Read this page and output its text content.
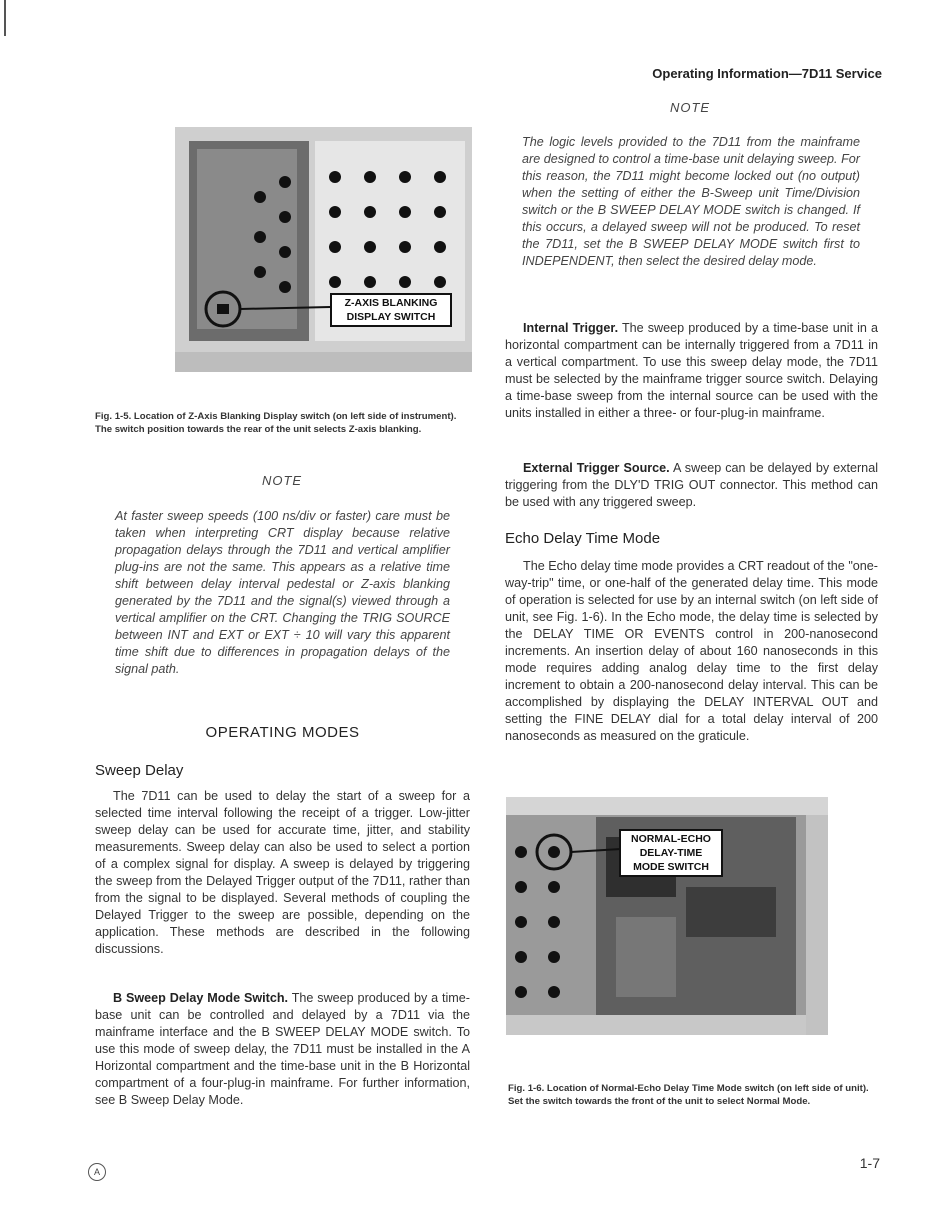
Operating Information—7D11 Service
NOTE
The logic levels provided to the 7D11 from the mainframe are designed to control a time-base unit delaying sweep. For this reason, the 7D11 might become locked out (no output) when the setting of either the B-Sweep unit Time/Division switch or the B SWEEP DELAY MODE switch is changed. If this occurs, a delayed sweep will not be produced. To reset the 7D11, set the B SWEEP DELAY MODE switch first to INDEPENDENT, then select the desired delay mode.
Z-AXIS BLANKING
DISPLAY SWITCH
Fig. 1-5. Location of Z-Axis Blanking Display switch (on left side of instrument). The switch position towards the rear of the unit selects Z-axis blanking.

Internal Trigger. The sweep produced by a time-base unit in a horizontal compartment can be internally triggered from a 7D11 in a vertical compartment. To use this sweep delay mode, the 7D11 must be selected by the mainframe trigger source switch. Delaying a time-base sweep from the internal source can be used with the units installed in either a three- or four-plug-in mainframe.

NOTE
At faster sweep speeds (100 ns/div or faster) care must be taken when interpreting CRT display because relative propagation delays through the 7D11 and vertical amplifier plug-ins are not the same. This appears as a relative time shift between delay interval pedestal or Z-axis blanking generated by the 7D11 and the signal(s) viewed through a vertical amplifier on the CRT. Changing the TRIG SOURCE between INT and EXT or EXT ÷ 10 will vary this apparent time shift due to differences in propagation delays of the signal path.

External Trigger Source. A sweep can be delayed by external triggering from the DLY'D TRIG OUT connector. This method can be used with any triggered sweep.

Echo Delay Time Mode

The Echo delay time mode provides a CRT readout of the "one-way-trip" time, or one-half of the generated delay time. This mode of operation is selected for use by an internal switch (on left side of unit, see Fig. 1-6). In the Echo mode, the delay time is selected by the DELAY TIME OR EVENTS control in 200-nanosecond increments. An insertion delay of about 160 nanoseconds in this mode requires adding analog delay time to the first delay increment to obtain a 200-nanosecond delay interval. This can be accomplished by displaying the DELAY INTERVAL OUT and setting the FINE DELAY dial for a total delay interval of 200 nanoseconds as measured on the graticule.

OPERATING MODES
Sweep Delay

The 7D11 can be used to delay the start of a sweep for a selected time interval following the receipt of a trigger. Low-jitter sweep delay can be used for accurate time, jitter, and stability measurements. Sweep delay can also be used to select a portion of a complex signal for display. A sweep is delayed by triggering the sweep from the Delayed Trigger output of the 7D11, rather than from the signal to be displayed. Several methods of coupling the Delayed Trigger to the sweep are possible, depending on the application. These methods are described in the following discussions.

B Sweep Delay Mode Switch. The sweep produced by a time-base unit can be controlled and delayed by a 7D11 via the mainframe interface and the B SWEEP DELAY MODE switch. To use this mode of sweep delay, the 7D11 must be installed in the A Horizontal compartment and the time-base unit in the B Horizontal compartment of a four-plug-in mainframe. For further information, see B Sweep Delay Mode.

NORMAL-ECHO
DELAY-TIME
MODE SWITCH
Fig. 1-6. Location of Normal-Echo Delay Time Mode switch (on left side of unit). Set the switch towards the front of the unit to select Normal Mode.
A
1-7
